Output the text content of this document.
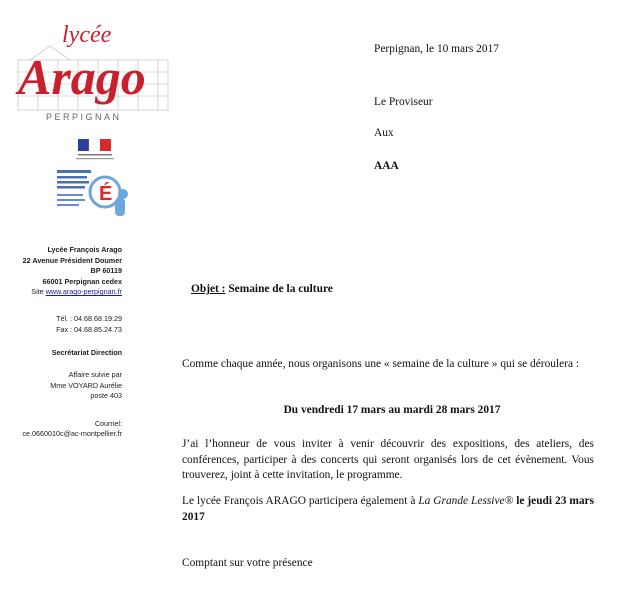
lycée
Arago
PERPIGNAN
É
Lycée François Arago
22 Avenue Président Doumer
BP 60119
66001 Perpignan cedex
Site www.arago-perpignan.fr
Tél. : 04.68.68.19.29
Fax : 04.68.85.24.73
Secrétariat Direction
Affaire suivie par
Mme VOYARD Aurélie
poste 403
Courriel:
ce.0660010c@ac-montpellier.fr
Perpignan, le 10 mars 2017
Le Proviseur
Aux
AAA
Objet : Semaine de la culture
Comme chaque année, nous organisons une « semaine de la culture » qui se déroulera :
Du vendredi 17 mars au mardi 28 mars 2017
J’ai l’honneur de vous inviter à venir découvrir des expositions, des ateliers, des conférences, participer à des concerts qui seront organisés lors de cet évènement. Vous trouverez, joint à cette invitation, le programme.
Le lycée François ARAGO participera également à La Grande Lessive® le jeudi 23 mars 2017
Comptant sur votre présence
